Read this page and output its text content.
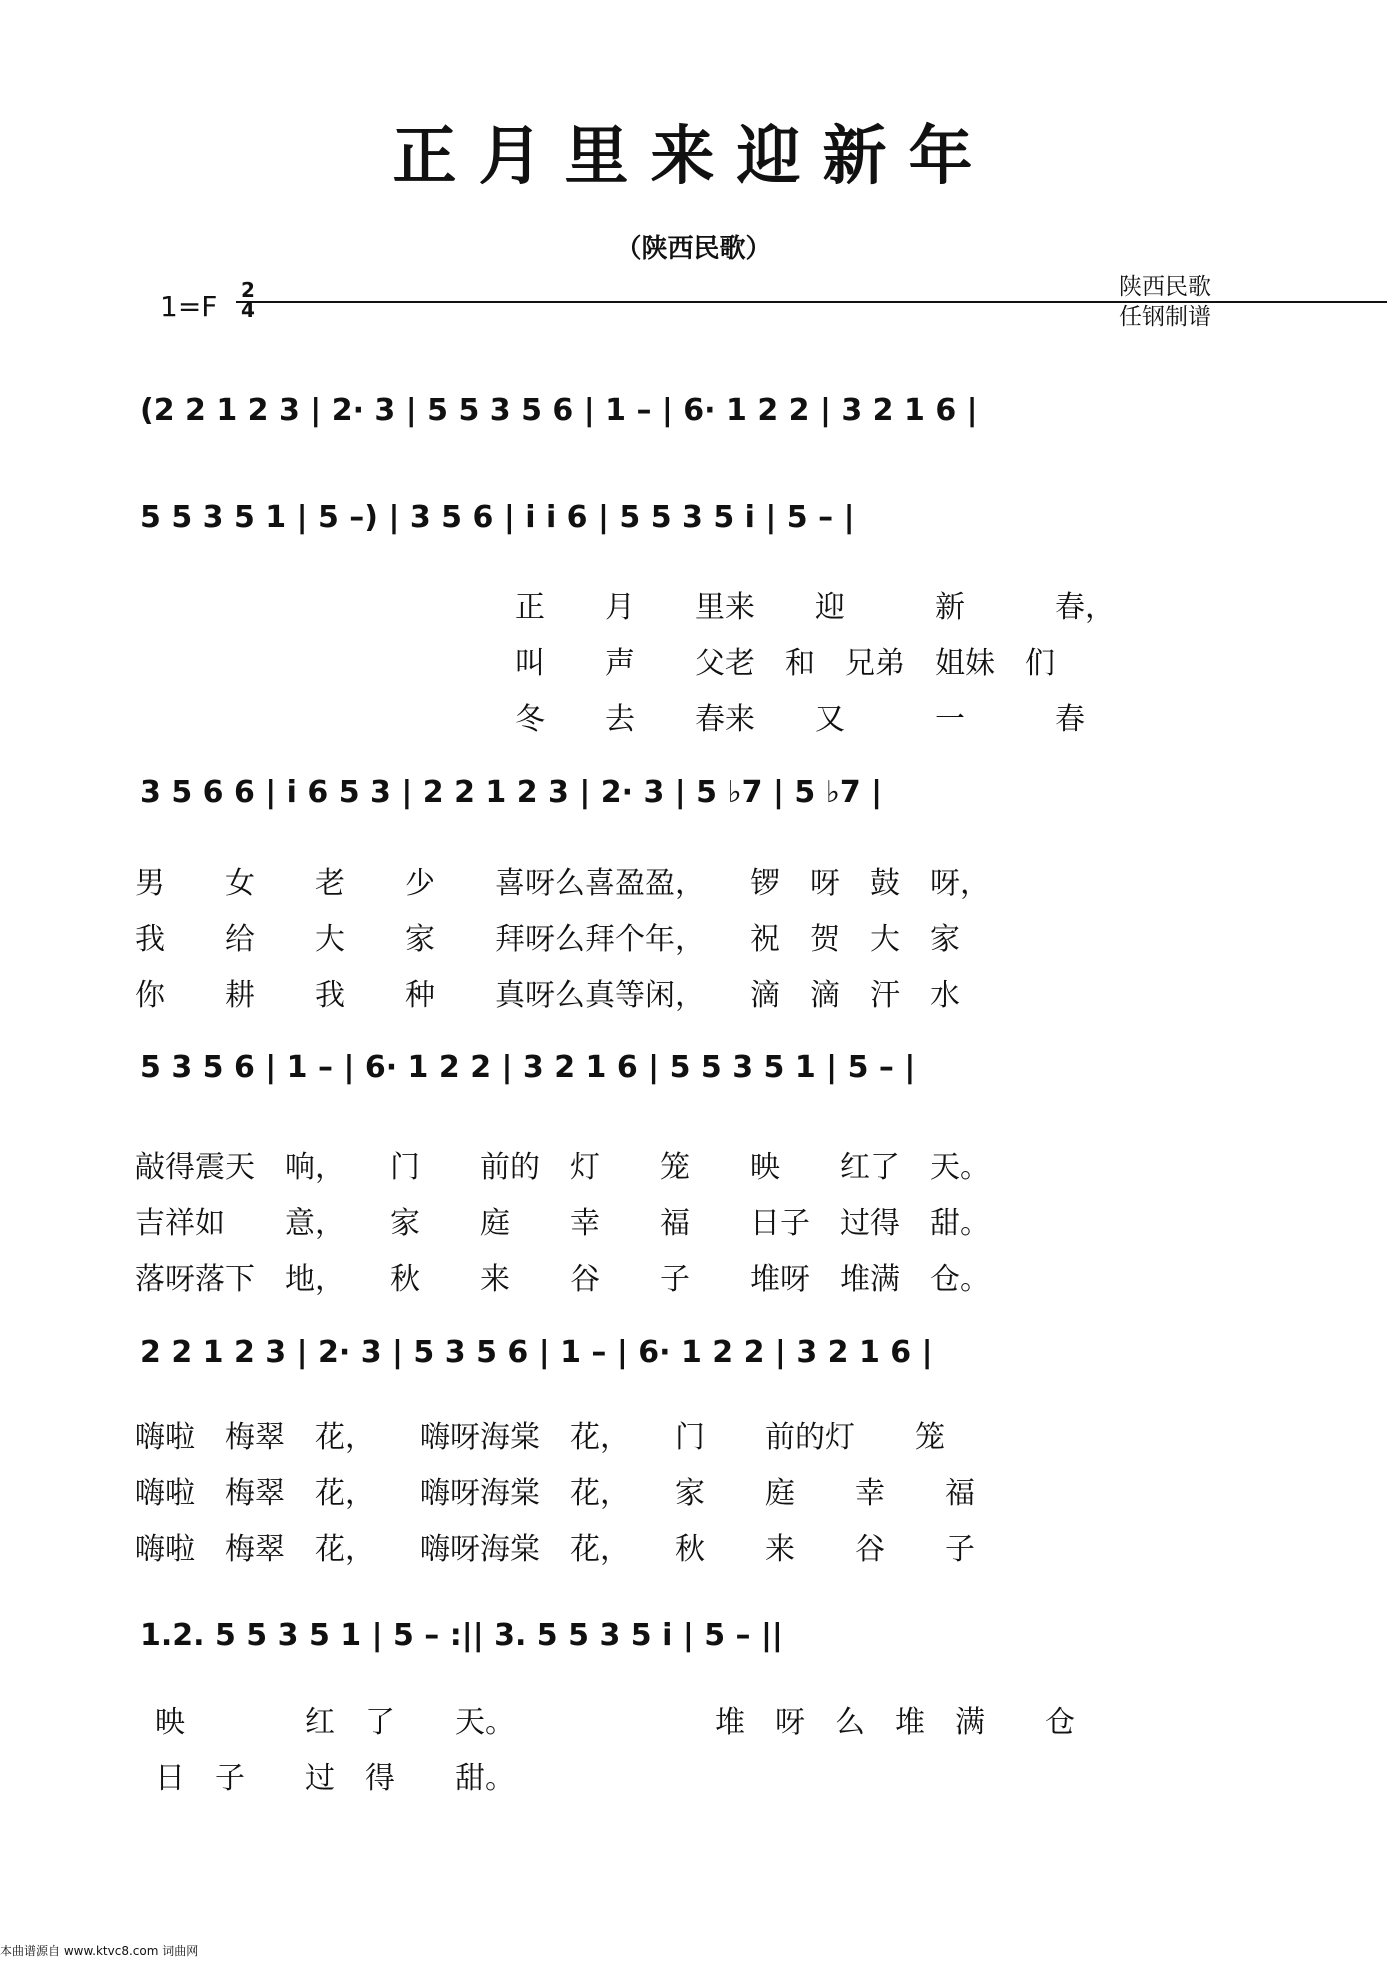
正月里来迎新年
（陕西民歌）
1=F 2
4
陕西民歌
任钢制谱
(2 2 1 2 3 | 2· 3 | 5 5 3 5 6 | 1 – | 6· 1 2 2 | 3 2 1 6 |
5 5 3 5 1 | 5 –) | 3 5 6 | i i 6 | 5 5 3 5 i | 5 – |
正　　月　　里来　　迎　　　新　　　春，
叫　　声　　父老　和　兄弟　姐妹　们
冬　　去　　春来　　又　　　一　　　春
3 5 6 6 | i 6 5 3 | 2 2 1 2 3 | 2· 3 | 5 ♭7 | 5 ♭7 |
男　　女　　老　　少　　喜呀么喜盈盈，　　锣　呀　鼓　呀，
我　　给　　大　　家　　拜呀么拜个年，　　祝　贺　大　家
你　　耕　　我　　种　　真呀么真等闲，　　滴　滴　汗　水
5 3 5 6 | 1 – | 6· 1 2 2 | 3 2 1 6 | 5 5 3 5 1 | 5 – |
敲得震天　响，　　门　　前的　灯　　笼　　映　　红了　天。
吉祥如　　意，　　家　　庭　　幸　　福　　日子　过得　甜。
落呀落下　地，　　秋　　来　　谷　　子　　堆呀　堆满　仓。
2 2 1 2 3 | 2· 3 | 5 3 5 6 | 1 – | 6· 1 2 2 | 3 2 1 6 |
嗨啦　梅翠　花，　　嗨呀海棠　花，　　门　　前的灯　　笼
嗨啦　梅翠　花，　　嗨呀海棠　花，　　家　　庭　　幸　　福
嗨啦　梅翠　花，　　嗨呀海棠　花，　　秋　　来　　谷　　子
1.2. 5 5 3 5 1 | 5 – :|| 3. 5 5 3 5 i | 5 – ||
映　　　　红　了　　天。
日　子　　过　得　　甜。
堆　呀　么　堆　满　　仓
本曲谱源自 www.ktvc8.com 词曲网
